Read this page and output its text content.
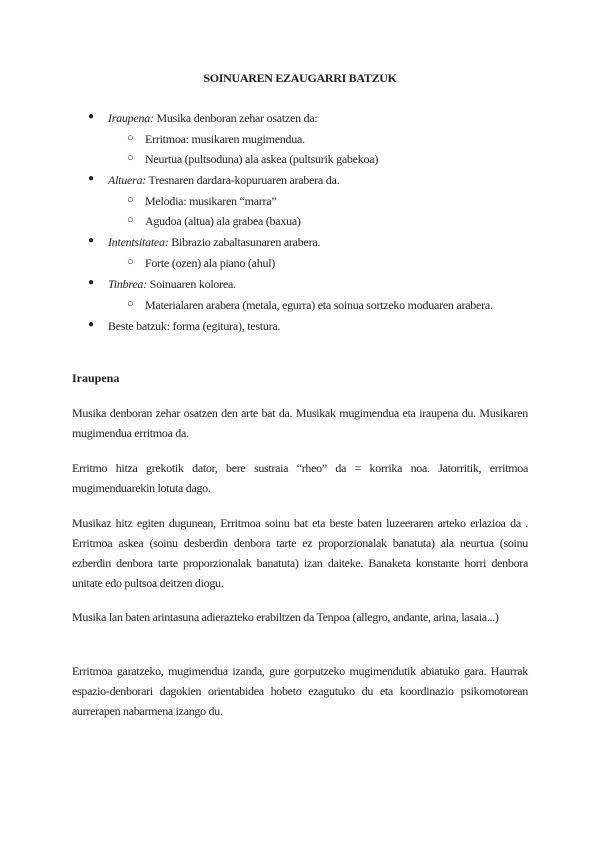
SOINUAREN EZAUGARRI BATZUK
● Iraupena: Musika denboran zehar osatzen da:
○ Erritmoa: musikaren mugimendua.
○ Neurtua (pultsoduna) ala askea (pultsurik gabekoa)
● Altuera: Tresnaren dardara-kopuruaren arabera da.
○ Melodia: musikaren “marra”
○ Agudoa (altua) ala grabea (baxua)
● Intentsitatea: Bibrazio zabaltasunaren arabera.
○ Forte (ozen) ala piano (ahul)
● Tinbrea: Soinuaren kolorea.
○ Materialaren arabera (metala, egurra) eta soinua sortzeko moduaren arabera.
● Beste batzuk: forma (egitura), testura.
Iraupena
Musika denboran zehar osatzen den arte bat da. Musikak mugimendua eta iraupena du. Musikaren mugimendua erritmoa da.
Erritmo hitza grekotik dator, bere sustraia “rheo” da = korrika noa. Jatorritik, erritmoa mugimenduarekin lotuta dago.
Musikaz hitz egiten dugunean, Erritmoa soinu bat eta beste baten luzeeraren arteko erlazioa da . Erritmoa askea (soinu desberdin denbora tarte ez proporzionalak banatuta) ala neurtua (soinu ezberdin denbora tarte proporzionalak banatuta) izan daiteke. Banaketa konstante horri denbora unitate edo pultsoa deitzen diogu.
Musika lan baten arintasuna adierazteko erabiltzen da Tenpoa (allegro, andante, arina, lasaia...)
Erritmoa garatzeko, mugimendua izanda, gure gorputzeko mugimendutik abiatuko gara. Haurrak espazio-denborari dagokien orientabidea hobeto ezagutuko du eta koordinazio psikomotorean aurrerapen nabarmena izango du.
